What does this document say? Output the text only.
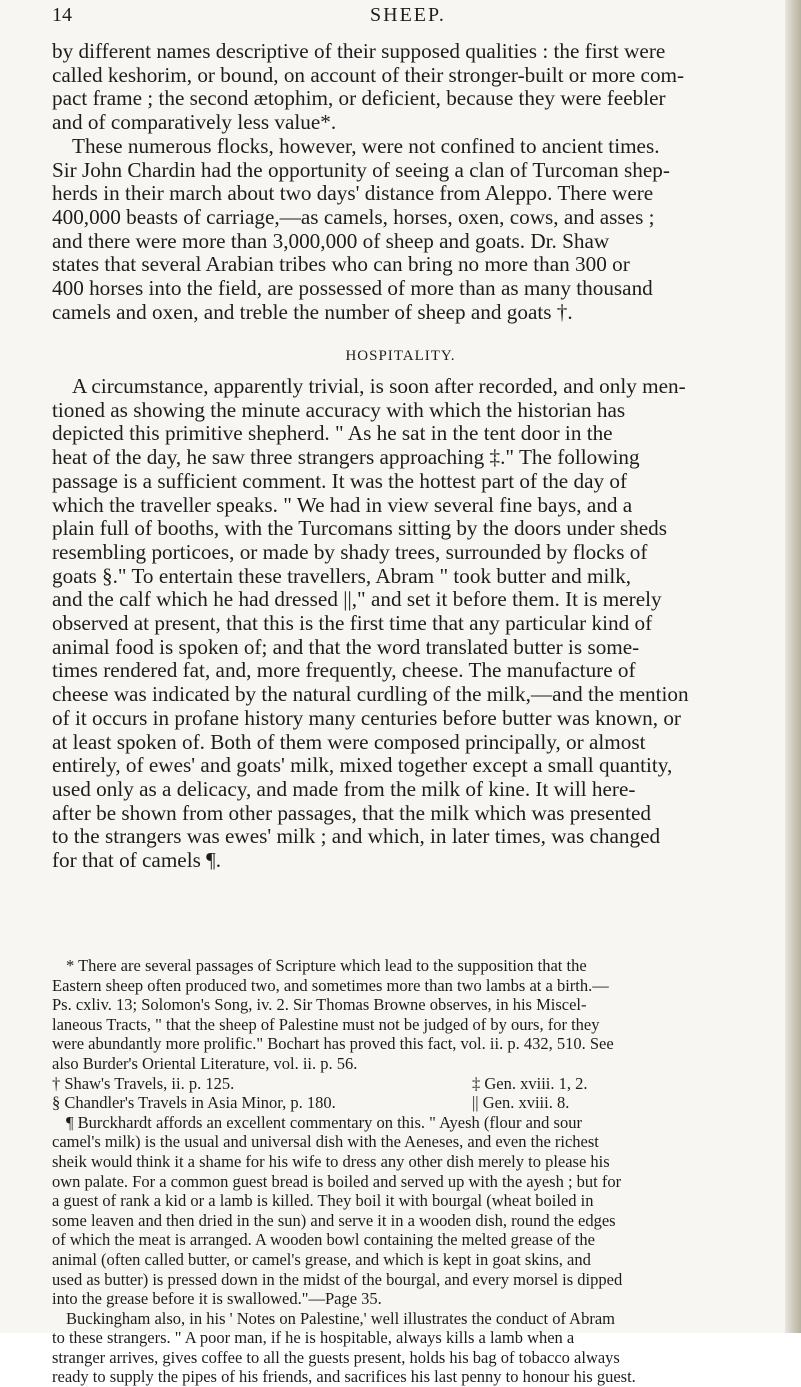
14	SHEEP.

by different names descriptive of their supposed qualities : the first were
called keshorim, or bound, on account of their stronger-built or more com-
pact frame ; the second ætophim, or deficient, because they were feebler
and of comparatively less value*.

These numerous flocks, however, were not confined to ancient times.
Sir John Chardin had the opportunity of seeing a clan of Turcoman shep-
herds in their march about two days' distance from Aleppo. There were
400,000 beasts of carriage,—as camels, horses, oxen, cows, and asses ;
and there were more than 3,000,000 of sheep and goats. Dr. Shaw
states that several Arabian tribes who can bring no more than 300 or
400 horses into the field, are possessed of more than as many thousand
camels and oxen, and treble the number of sheep and goats †.

HOSPITALITY.

A circumstance, apparently trivial, is soon after recorded, and only men-
tioned as showing the minute accuracy with which the historian has
depicted this primitive shepherd. " As he sat in the tent door in the
heat of the day, he saw three strangers approaching ‡." The following
passage is a sufficient comment. It was the hottest part of the day of
which the traveller speaks. " We had in view several fine bays, and a
plain full of booths, with the Turcomans sitting by the doors under sheds
resembling porticoes, or made by shady trees, surrounded by flocks of
goats §." To entertain these travellers, Abram " took butter and milk,
and the calf which he had dressed ||," and set it before them. It is merely
observed at present, that this is the first time that any particular kind of
animal food is spoken of; and that the word translated butter is some-
times rendered fat, and, more frequently, cheese. The manufacture of
cheese was indicated by the natural curdling of the milk,—and the mention
of it occurs in profane history many centuries before butter was known, or
at least spoken of. Both of them were composed principally, or almost
entirely, of ewes' and goats' milk, mixed together except a small quantity,
used only as a delicacy, and made from the milk of kine. It will here-
after be shown from other passages, that the milk which was presented
to the strangers was ewes' milk ; and which, in later times, was changed
for that of camels ¶.

* There are several passages of Scripture which lead to the supposition that the
Eastern sheep often produced two, and sometimes more than two lambs at a birth.—
Ps. cxliv. 13; Solomon's Song, iv. 2. Sir Thomas Browne observes, in his Miscel-
laneous Tracts, " that the sheep of Palestine must not be judged of by ours, for they
were abundantly more prolific." Bochart has proved this fact, vol. ii. p. 432, 510. See
also Burder's Oriental Literature, vol. ii. p. 56.

† Shaw's Travels, ii. p. 125.	‡ Gen. xviii. 1, 2.
§ Chandler's Travels in Asia Minor, p. 180.	|| Gen. xviii. 8.

¶ Burckhardt affords an excellent commentary on this. " Ayesh (flour and sour
camel's milk) is the usual and universal dish with the Aeneses, and even the richest
sheik would think it a shame for his wife to dress any other dish merely to please his
own palate. For a common guest bread is boiled and served up with the ayesh ; but for
a guest of rank a kid or a lamb is killed. They boil it with bourgal (wheat boiled in
some leaven and then dried in the sun) and serve it in a wooden dish, round the edges
of which the meat is arranged. A wooden bowl containing the melted grease of the
animal (often called butter, or camel's grease, and which is kept in goat skins, and
used as butter) is pressed down in the midst of the bourgal, and every morsel is dipped
into the grease before it is swallowed."—Page 35.

Buckingham also, in his ' Notes on Palestine,' well illustrates the conduct of Abram
to these strangers. " A poor man, if he is hospitable, always kills a lamb when a
stranger arrives, gives coffee to all the guests present, holds his bag of tobacco always
ready to supply the pipes of his friends, and sacrifices his last penny to honour his guest.
